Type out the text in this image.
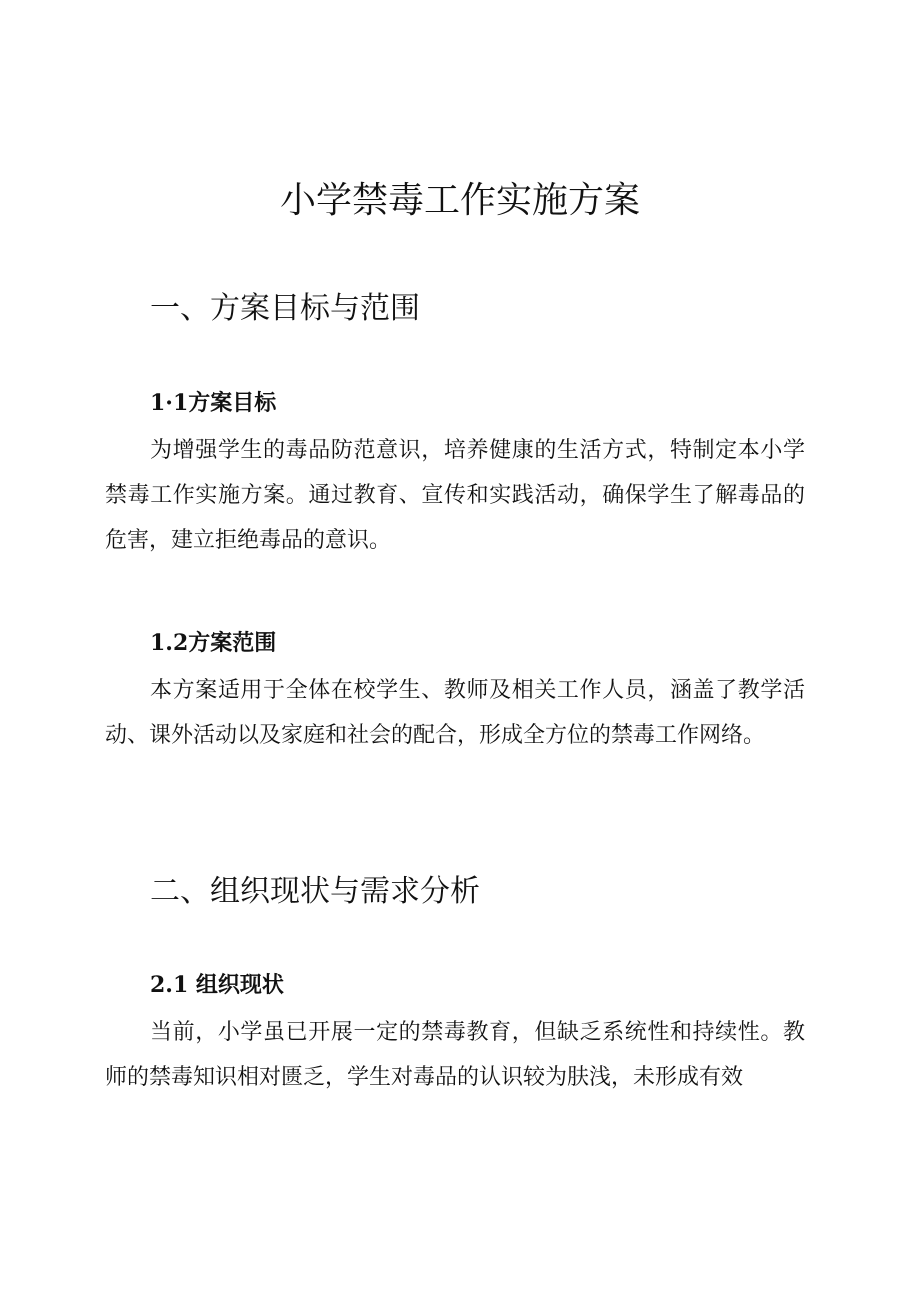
小学禁毒工作实施方案
一、方案目标与范围
1·1方案目标

为增强学生的毒品防范意识，培养健康的生活方式，特制定本小学禁毒工作实施方案。通过教育、宣传和实践活动，确保学生了解毒品的危害，建立拒绝毒品的意识。

1.2方案范围

本方案适用于全体在校学生、教师及相关工作人员，涵盖了教学活动、课外活动以及家庭和社会的配合，形成全方位的禁毒工作网络。

二、组织现状与需求分析
2.1 组织现状

当前，小学虽已开展一定的禁毒教育，但缺乏系统性和持续性。教师的禁毒知识相对匮乏，学生对毒品的认识较为肤浅，未形成有效
